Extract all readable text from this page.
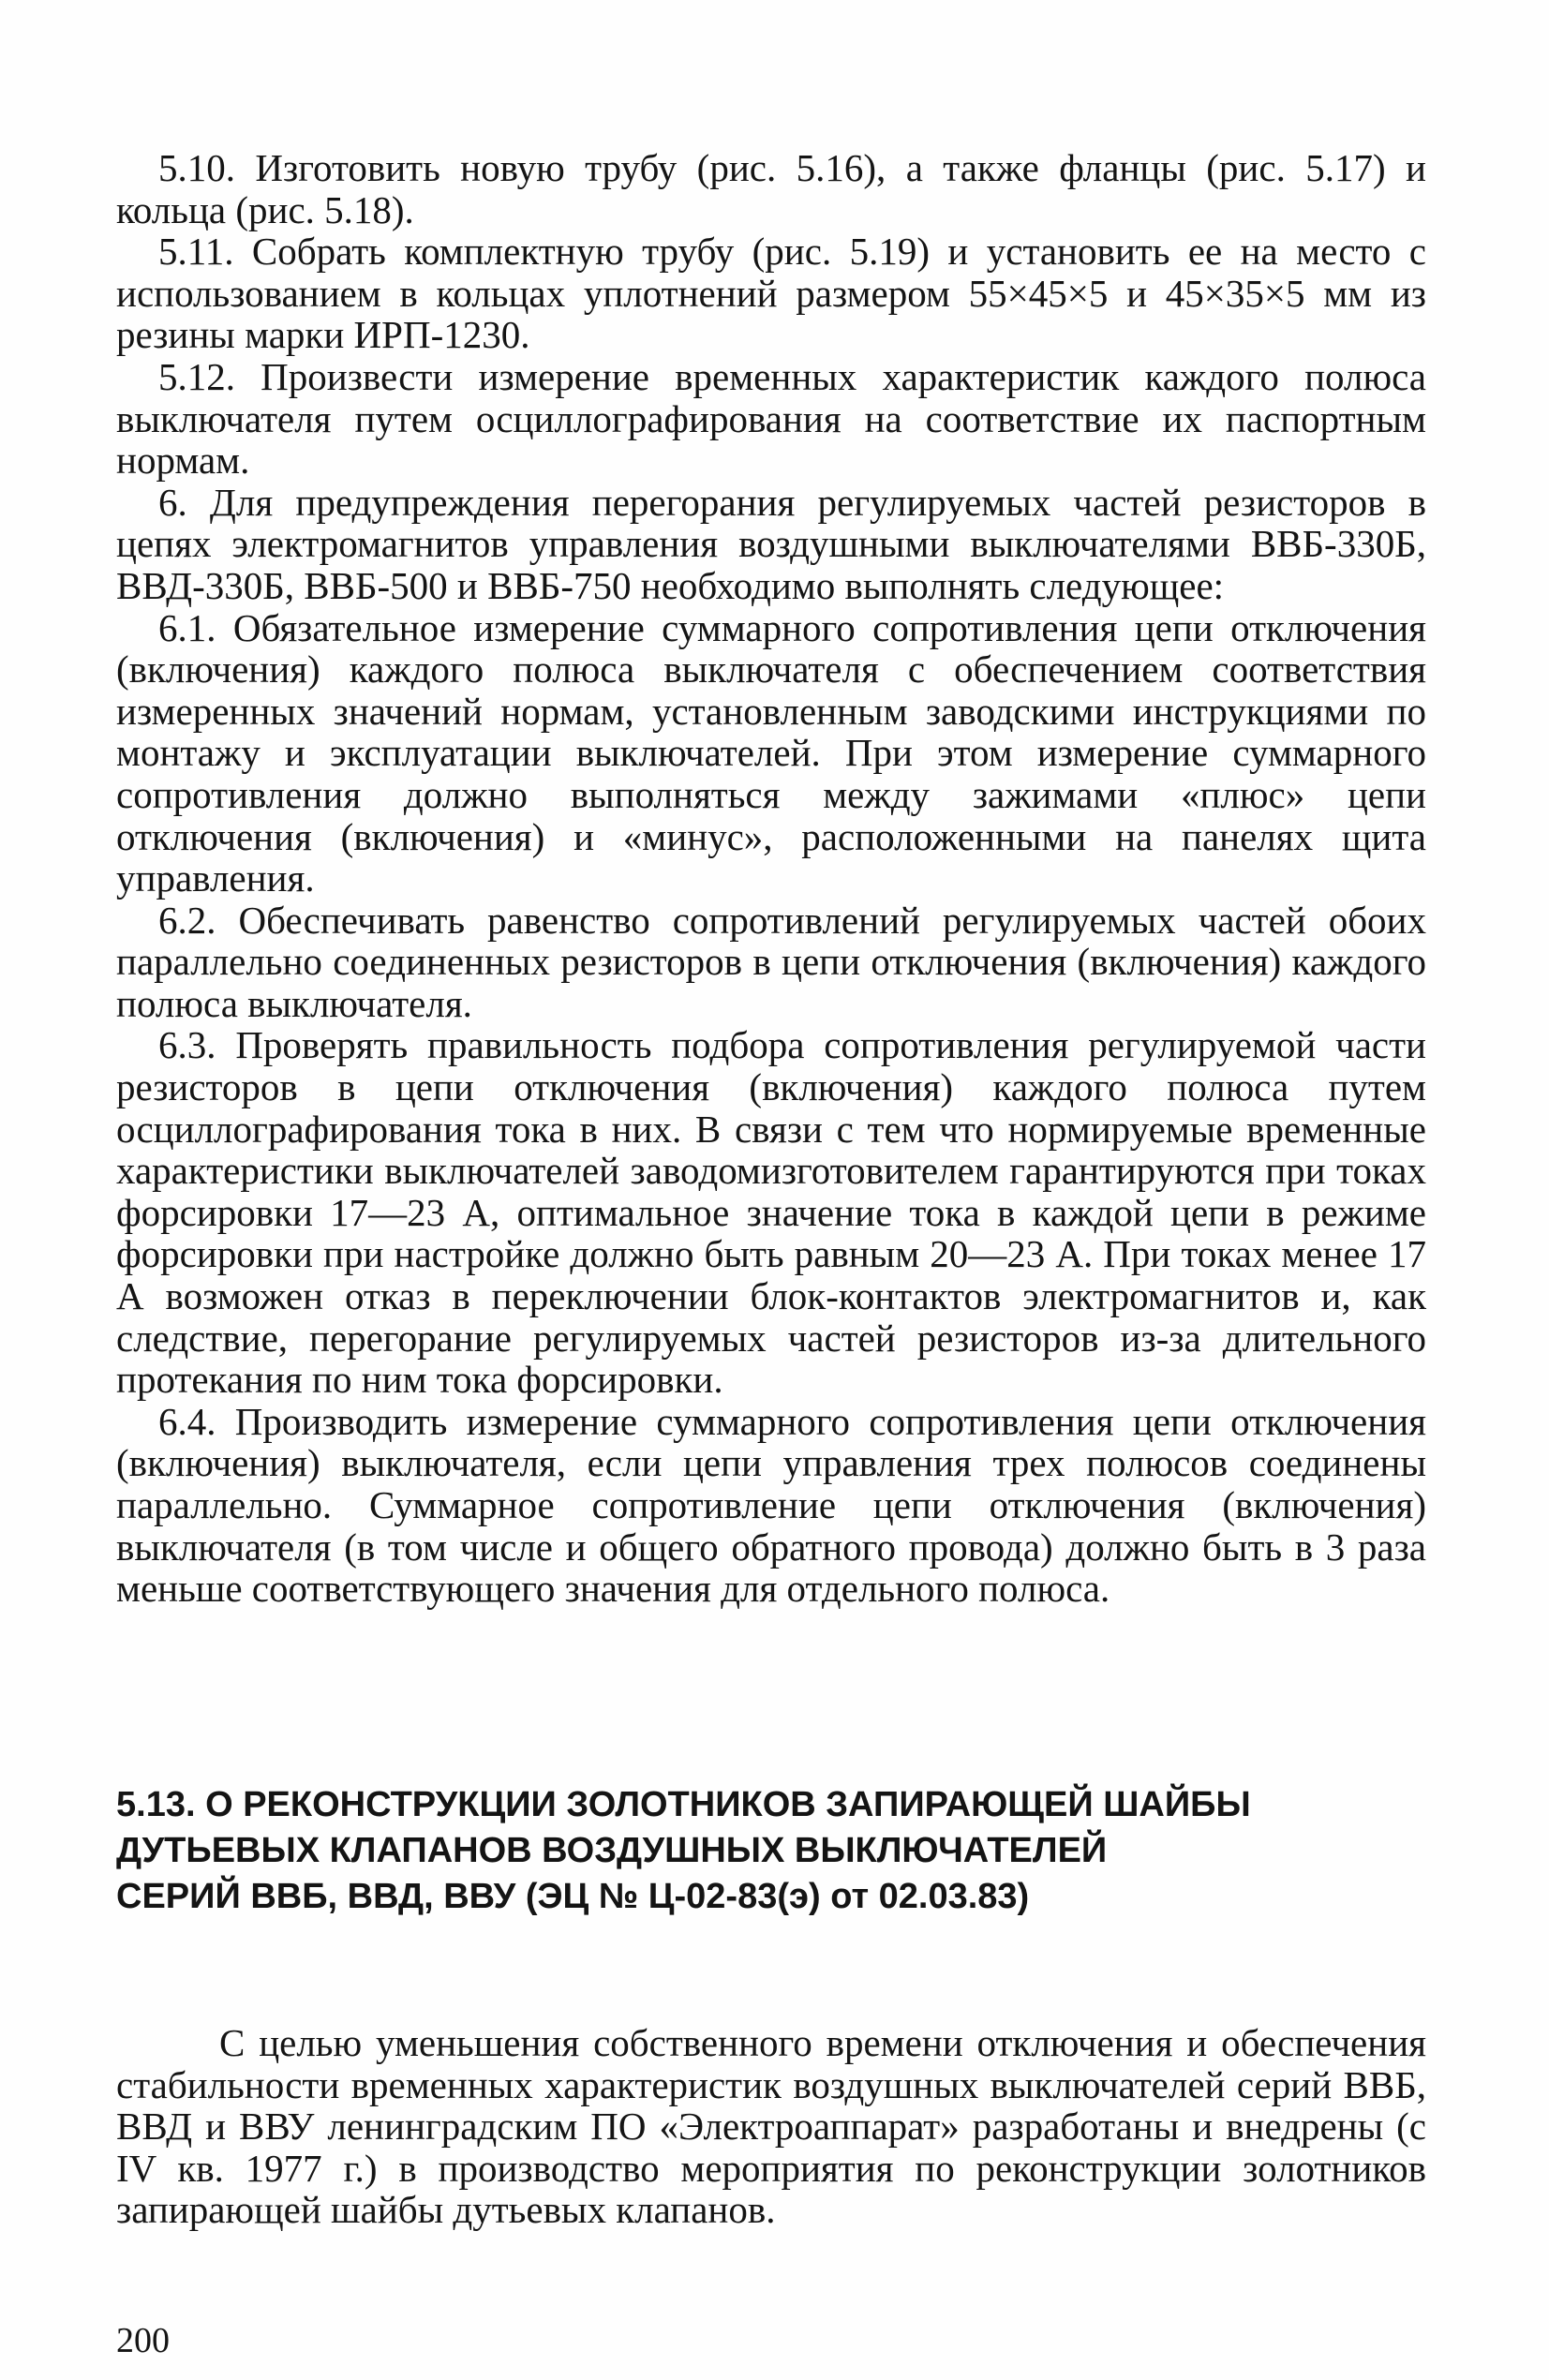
5.10. Изготовить новую трубу (рис. 5.16), а также фланцы (рис. 5.17) и кольца (рис. 5.18).

5.11. Собрать комплектную трубу (рис. 5.19) и установить ее на место с использованием в кольцах уплотнений размером 55×45×5 и 45×35×5 мм из резины марки ИРП-1230.

5.12. Произвести измерение временных характеристик каждого полюса выключателя путем осциллографирования на соответствие их паспортным нормам.

6. Для предупреждения перегорания регулируемых частей резисторов в цепях электромагнитов управления воздушными выключателями ВВБ-330Б, ВВД-330Б, ВВБ-500 и ВВБ-750 необходимо выполнять следующее:

6.1. Обязательное измерение суммарного сопротивления цепи отключения (включения) каждого полюса выключателя с обеспечением соответствия измеренных значений нормам, установленным заводскими инструкциями по монтажу и эксплуатации выключателей. При этом измерение суммарного сопротивления должно выполняться между зажимами «плюс» цепи отключения (включения) и «минус», расположенными на панелях щита управления.

6.2. Обеспечивать равенство сопротивлений регулируемых частей обоих параллельно соединенных резисторов в цепи отключения (включения) каждого полюса выключателя.

6.3. Проверять правильность подбора сопротивления регулируемой части резисторов в цепи отключения (включения) каждого полюса путем осциллографирования тока в них. В связи с тем что нормируемые временные характеристики выключателей заводомизготовителем гарантируются при токах форсировки 17—23 А, оптимальное значение тока в каждой цепи в режиме форсировки при настройке должно быть равным 20—23 А. При токах менее 17 А возможен отказ в переключении блок-контактов электромагнитов и, как следствие, перегорание регулируемых частей резисторов из-за длительного протекания по ним тока форсировки.

6.4. Производить измерение суммарного сопротивления цепи отключения (включения) выключателя, если цепи управления трех полюсов соединены параллельно. Суммарное сопротивление цепи отключения (включения) выключателя (в том числе и общего обратного провода) должно быть в 3 раза меньше соответствующего значения для отдельного полюса.

5.13. О РЕКОНСТРУКЦИИ ЗОЛОТНИКОВ ЗАПИРАЮЩЕЙ ШАЙБЫ
ДУТЬЕВЫХ КЛАПАНОВ ВОЗДУШНЫХ ВЫКЛЮЧАТЕЛЕЙ
СЕРИЙ ВВБ, ВВД, ВВУ (ЭЦ № Ц-02-83(э) от 02.03.83)

С целью уменьшения собственного времени отключения и обеспечения стабильности временных характеристик воздушных выключателей серий ВВБ, ВВД и ВВУ ленинградским ПО «Электроаппарат» разработаны и внедрены (с IV кв. 1977 г.) в производство мероприятия по реконструкции золотников запирающей шайбы дутьевых клапанов.

200
